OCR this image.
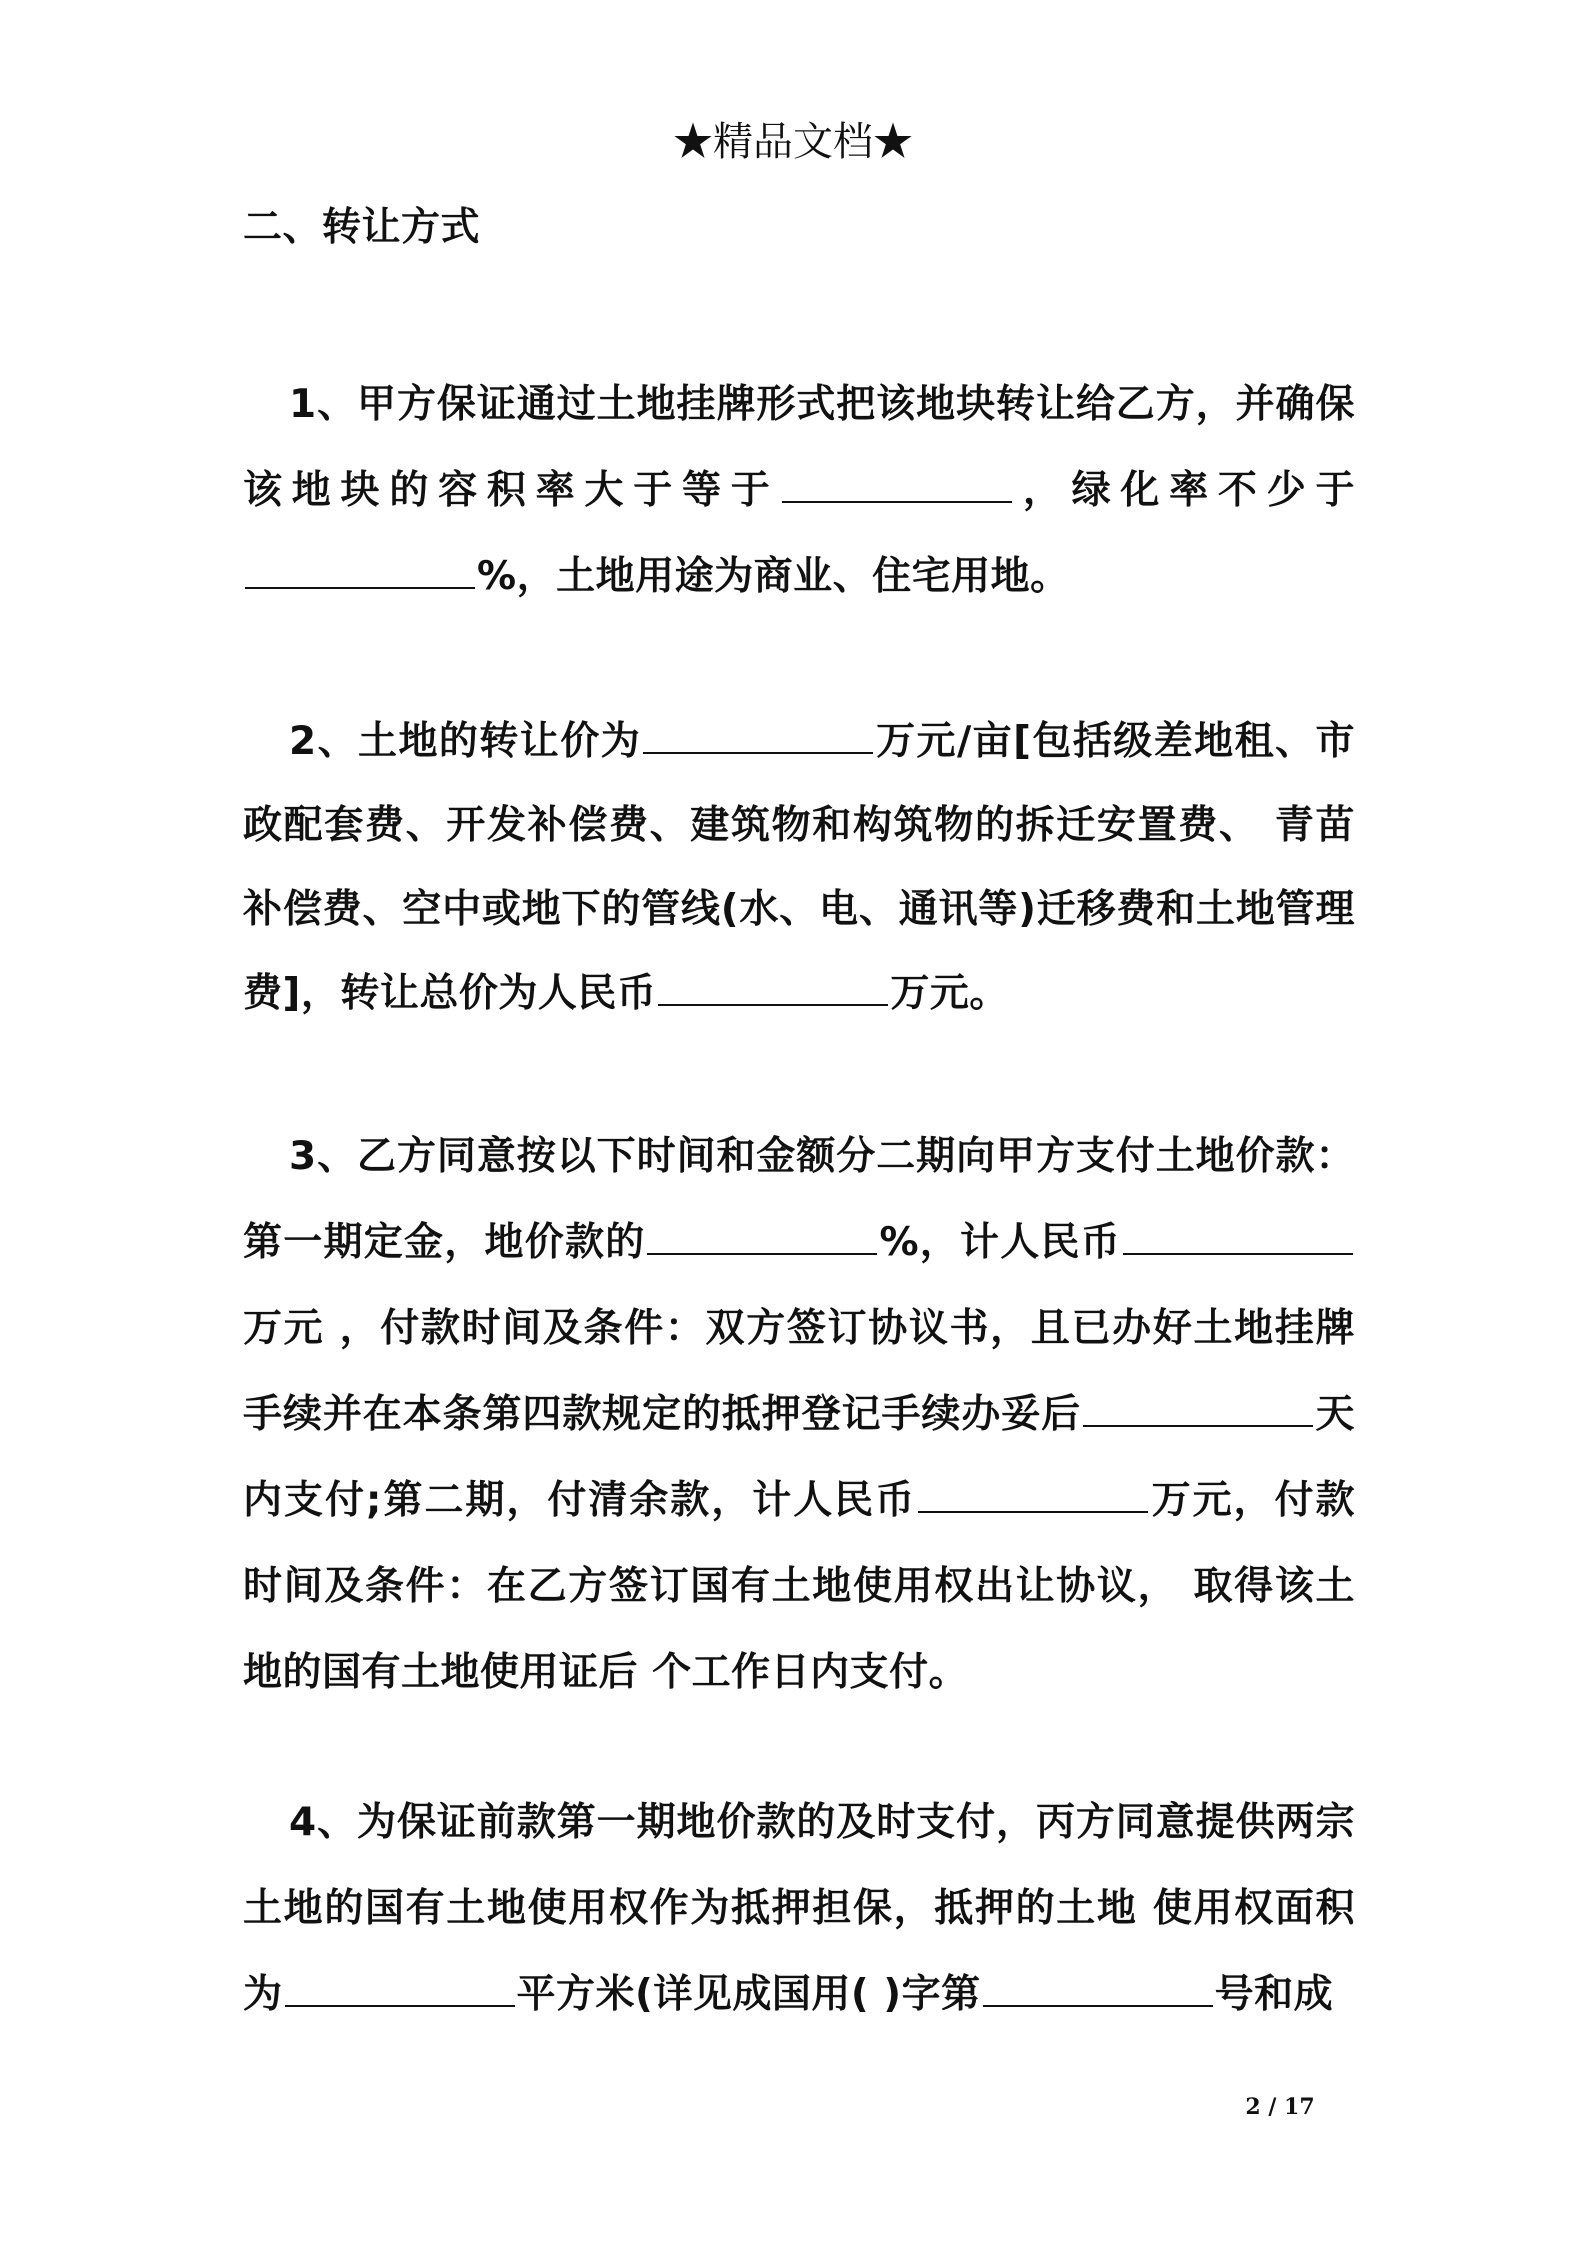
★精品文档★
二、转让方式
1、甲方保证通过土地挂牌形式把该地块转让给乙方，并确保该地块的容积率大于等于	，绿化率不少于%，土地用途为商业、住宅用地。
2、土地的转让价为	万元/亩[包括级差地租、市政配套费、开发补偿费、建筑物和构筑物的拆迁安置费、 青苗补偿费、空中或地下的管线(水、电、通讯等)迁移费和土地管理费]，转让总价为人民币	万元。
3、乙方同意按以下时间和金额分二期向甲方支付土地价款：第一期定金，地价款的	%，计人民币万元 ，付款时间及条件：双方签订协议书，且已办好土地挂牌手续并在本条第四款规定的抵押登记手续办妥后	天内支付;第二期，付清余款，计人民币	万元，付款时间及条件：在乙方签订国有土地使用权出让协议， 取得该土地的国有土地使用证后 个工作日内支付。
4、为保证前款第一期地价款的及时支付，丙方同意提供两宗土地的国有土地使用权作为抵押担保，抵押的土地 使用权面积为	平方米(详见成国用( )字第	号和成
2 / 17
